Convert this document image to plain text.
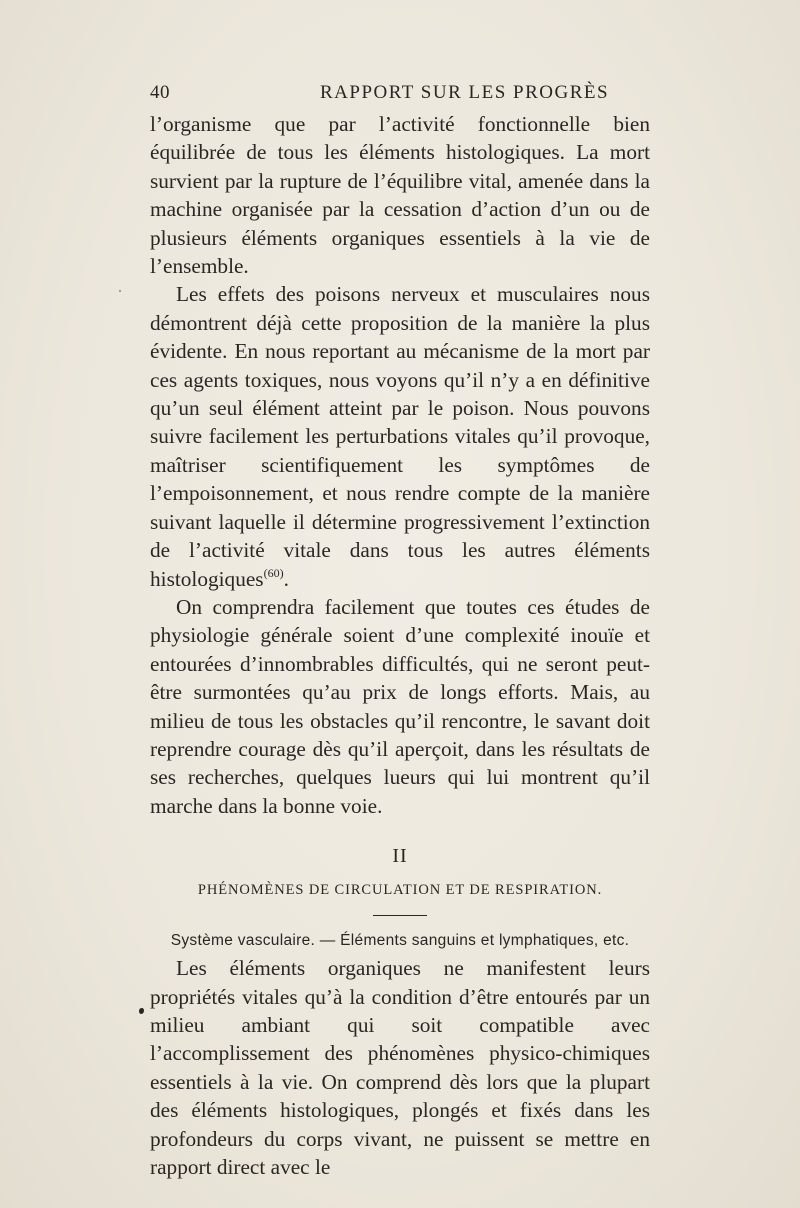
40	RAPPORT SUR LES PROGRÈS

l’organisme que par l’activité fonctionnelle bien équilibrée de tous les éléments histologiques. La mort survient par la rupture de l’équilibre vital, amenée dans la machine organisée par la cessation d’action d’un ou de plusieurs éléments organiques essentiels à la vie de l’ensemble.

Les effets des poisons nerveux et musculaires nous démontrent déjà cette proposition de la manière la plus évidente. En nous reportant au mécanisme de la mort par ces agents toxiques, nous voyons qu’il n’y a en définitive qu’un seul élément atteint par le poison. Nous pouvons suivre facilement les perturbations vitales qu’il provoque, maîtriser scientifiquement les symptômes de l’empoisonnement, et nous rendre compte de la manière suivant laquelle il détermine progressivement l’extinction de l’activité vitale dans tous les autres éléments histologiques$^{(60)}$.

On comprendra facilement que toutes ces études de physiologie générale soient d’une complexité inouïe et entourées d’innombrables difficultés, qui ne seront peut-être surmontées qu’au prix de longs efforts. Mais, au milieu de tous les obstacles qu’il rencontre, le savant doit reprendre courage dès qu’il aperçoit, dans les résultats de ses recherches, quelques lueurs qui lui montrent qu’il marche dans la bonne voie.

II
PHÉNOMÈNES DE CIRCULATION ET DE RESPIRATION.
Système vasculaire. — Éléments sanguins et lymphatiques, etc.

Les éléments organiques ne manifestent leurs propriétés vitales qu’à la condition d’être entourés par un milieu ambiant qui soit compatible avec l’accomplissement des phénomènes physico-chimiques essentiels à la vie. On comprend dès lors que la plupart des éléments histologiques, plongés et fixés dans les profondeurs du corps vivant, ne puissent se mettre en rapport direct avec le
